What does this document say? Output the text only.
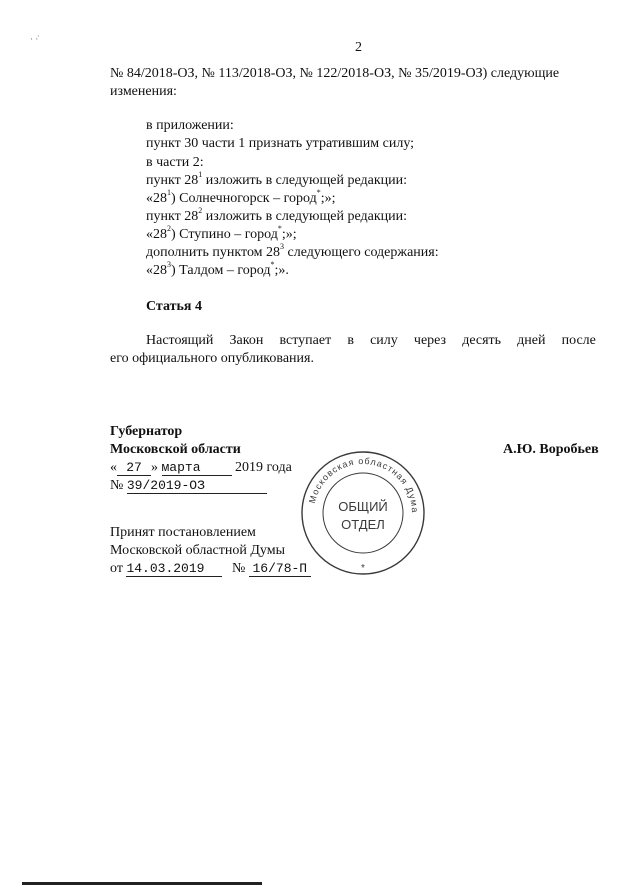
· ·̇
2
№ 84/2018-ОЗ, № 113/2018-ОЗ, № 122/2018-ОЗ, № 35/2019-ОЗ) следующие
изменения:
в приложении:
пункт 30 части 1 признать утратившим силу;
в части 2:
пункт $28^1$ изложить в следующей редакции:
«$28^1$) Солнечногорск – город*;»;
пункт $28^2$ изложить в следующей редакции:
«$28^2$) Ступино – город*;»;
дополнить пунктом $28^3$ следующего содержания:
«$28^3$) Талдом – город*;».
Статья 4
Настоящий Закон вступает в силу через десять дней после
его официального опубликования.
Губернатор
Московской области	А.Ю. Воробьев
« 27 » марта 2019 года
№ 39/2019-ОЗ
Принят постановлением
Московской областной Думы
от 14.03.2019 № 16/78-П
Московская областная Дума
*
ОБЩИЙ
ОТДЕЛ
